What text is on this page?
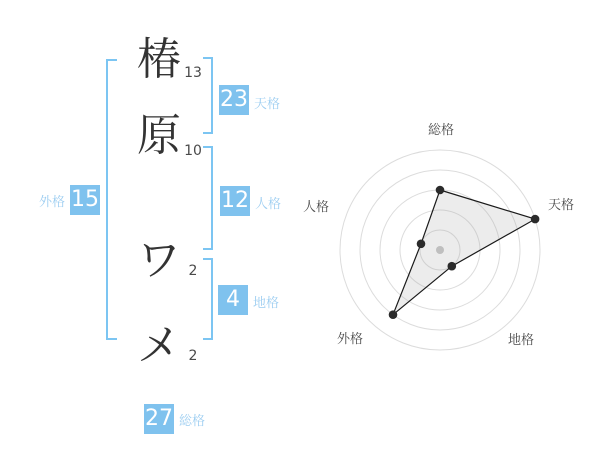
椿
原
ワ
メ
13
10
2
2
23 天格
12 人格
外格 15
4	地格
27 総格
総格
天格
地格
外格
人格
